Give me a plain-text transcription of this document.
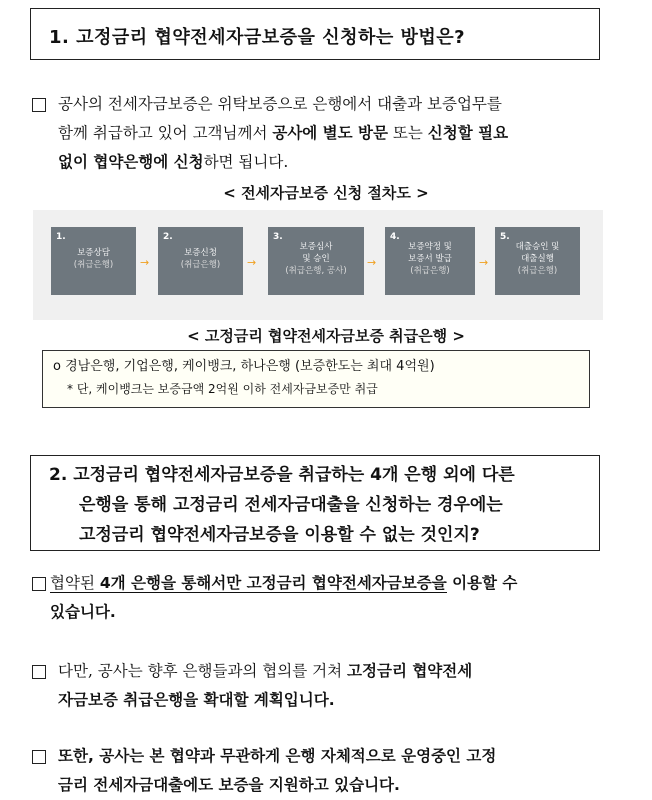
1. 고정금리 협약전세자금보증을 신청하는 방법은?
공사의 전세자금보증은 위탁보증으로 은행에서 대출과 보증업무를
함께 취급하고 있어 고객님께서 공사에 별도 방문 또는 신청할 필요
없이 협약은행에 신청하면 됩니다.
< 전세자금보증 신청 절차도 >
1.
보증상담

(취급은행)	→
2.
보증신청

(취급은행)	→
3.
보증심사
및 승인

(취급은행, 공사)
→
4.
보증약정 및
보증서 발급

(취급은행)
→
5.
대출승인 및
대출실행

(취급은행)
< 고정금리 협약전세자금보증 취급은행 >
o 경남은행, 기업은행, 케이뱅크, 하나은행 (보증한도는 최대 4억원)
* 단, 케이뱅크는 보증금액 2억원 이하 전세자금보증만 취급
2. 고정금리 협약전세자금보증을 취급하는 4개 은행 외에 다른
은행을 통해 고정금리 전세자금대출을 신청하는 경우에는
고정금리 협약전세자금보증을 이용할 수 없는 것인지?
협약된 4개 은행을 통해서만 고정금리 협약전세자금보증을 이용할 수
있습니다.
다만, 공사는 향후 은행들과의 협의를 거쳐 고정금리 협약전세
자금보증 취급은행을 확대할 계획입니다.
또한, 공사는 본 협약과 무관하게 은행 자체적으로 운영중인 고정
금리 전세자금대출에도 보증을 지원하고 있습니다.
